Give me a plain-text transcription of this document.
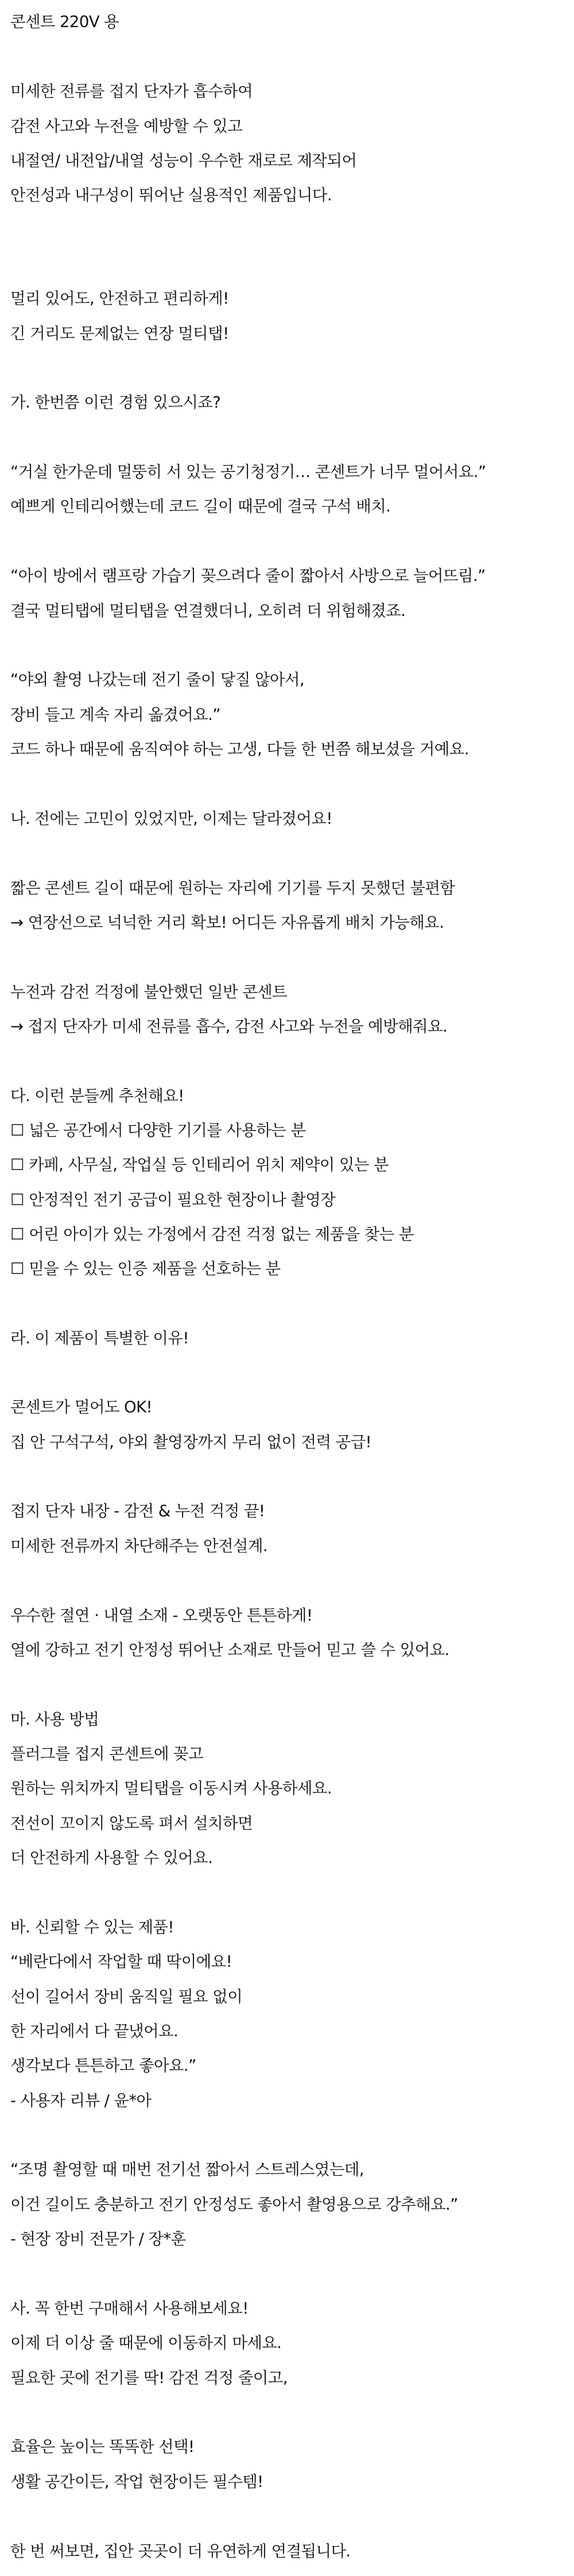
콘센트 220V 용
미세한 전류를 접지 단자가 흡수하여
감전 사고와 누전을 예방할 수 있고
내절연/ 내전압/내열 성능이 우수한 재로로 제작되어
안전성과 내구성이 뛰어난 실용적인 제품입니다.
멀리 있어도, 안전하고 편리하게!
긴 거리도 문제없는 연장 멀티탭!
가. 한번쯤 이런 경험 있으시죠?
“거실 한가운데 멀뚱히 서 있는 공기청정기… 콘센트가 너무 멀어서요.”
예쁘게 인테리어했는데 코드 길이 때문에 결국 구석 배치.
“아이 방에서 램프랑 가습기 꽂으려다 줄이 짧아서 사방으로 늘어뜨림.”
결국 멀티탭에 멀티탭을 연결했더니, 오히려 더 위험해졌죠.
“야외 촬영 나갔는데 전기 줄이 닿질 않아서,
장비 들고 계속 자리 옮겼어요.”
코드 하나 때문에 움직여야 하는 고생, 다들 한 번쯤 해보셨을 거예요.
나. 전에는 고민이 있었지만, 이제는 달라졌어요!
짧은 콘센트 길이 때문에 원하는 자리에 기기를 두지 못했던 불편함
→ 연장선으로 넉넉한 거리 확보! 어디든 자유롭게 배치 가능해요.
누전과 감전 걱정에 불안했던 일반 콘센트
→ 접지 단자가 미세 전류를 흡수, 감전 사고와 누전을 예방해줘요.
다. 이런 분들께 추천해요!
☐ 넓은 공간에서 다양한 기기를 사용하는 분
☐ 카페, 사무실, 작업실 등 인테리어 위치 제약이 있는 분
☐ 안정적인 전기 공급이 필요한 현장이나 촬영장
☐ 어린 아이가 있는 가정에서 감전 걱정 없는 제품을 찾는 분
☐ 믿을 수 있는 인증 제품을 선호하는 분
라. 이 제품이 특별한 이유!
콘센트가 멀어도 OK!
집 안 구석구석, 야외 촬영장까지 무리 없이 전력 공급!
접지 단자 내장 - 감전 & 누전 걱정 끝!
미세한 전류까지 차단해주는 안전설계.
우수한 절연 · 내열 소재 - 오랫동안 튼튼하게!
열에 강하고 전기 안정성 뛰어난 소재로 만들어 믿고 쓸 수 있어요.
마. 사용 방법
플러그를 접지 콘센트에 꽂고
원하는 위치까지 멀티탭을 이동시켜 사용하세요.
전선이 꼬이지 않도록 펴서 설치하면
더 안전하게 사용할 수 있어요.
바. 신뢰할 수 있는 제품!
“베란다에서 작업할 때 딱이에요!
선이 길어서 장비 움직일 필요 없이
한 자리에서 다 끝냈어요.
생각보다 튼튼하고 좋아요.”
- 사용자 리뷰 / 윤*아
“조명 촬영할 때 매번 전기선 짧아서 스트레스였는데,
이건 길이도 충분하고 전기 안정성도 좋아서 촬영용으로 강추해요.”
- 현장 장비 전문가 / 장*훈
사. 꼭 한번 구매해서 사용해보세요!
이제 더 이상 줄 때문에 이동하지 마세요.
필요한 곳에 전기를 딱! 감전 걱정 줄이고,
효율은 높이는 똑똑한 선택!
생활 공간이든, 작업 현장이든 필수템!
한 번 써보면, 집안 곳곳이 더 유연하게 연결됩니다.
